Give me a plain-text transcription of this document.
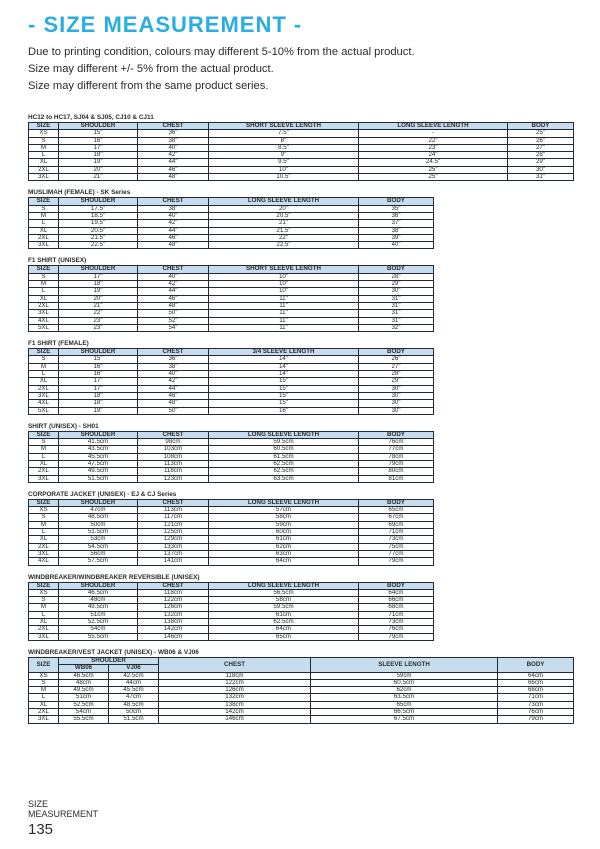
- SIZE MEASUREMENT -
Due to printing condition, colours may different 5-10% from the actual product.
Size may different +/- 5% from the actual product.
Size may different from the same product series.
HC12 to HC17, SJ04 & SJ05, CJ10 & CJ11
SIZE	SHOULDER	CHEST	SHORT SLEEVE LENGTH	LONG SLEEVE LENGTH	BODY
XS	15"	36"	7.5"	-	25"
S	16"	38"	8"	22"	26"
M	17"	40"	8.5"	23"	27"
L	18"	42"	9"	24"	28"
XL	19"	44"	9.5"	24.5"	29"
2XL	20"	46"	10"	25"	30"
3XL	21"	48"	10.5"	25"	31"
MUSLIMAH (FEMALE) - SK Series
SIZE	SHOULDER	CHEST	LONG SLEEVE LENGTH	BODY
S	17.5"	38"	20"	35"
M	18.5"	40"	20.5"	36"
L	19.5"	42"	21"	37"
XL	20.5"	44"	21.5"	38"
2XL	21.5"	46"	22"	39"
3XL	22.5"	48"	22.5"	40"
F1 SHIRT (UNISEX)
SIZE	SHOULDER	CHEST	SHORT SLEEVE LENGTH	BODY
S	17"	40"	10"	28"
M	18"	42"	10"	29"
L	19"	44"	10"	30"
XL	20"	46"	11"	31"
2XL	21"	48"	11"	31"
3XL	22"	50"	11"	31"
4XL	23"	52"	11"	31"
5XL	23"	54"	11"	32"
F1 SHIRT (FEMALE)
SIZE	SHOULDER	CHEST	3/4 SLEEVE LENGTH	BODY
S	15"	36"	14"	26"
M	16"	38"	14"	27"
L	16"	40"	14"	28"
XL	17"	42"	15"	29"
2XL	17"	44"	15"	30"
3XL	18"	46"	15"	30"
4XL	18"	48"	15"	30"
5XL	19"	50"	16"	30"
SHIRT (UNISEX) - SH01
SIZE	SHOULDER	CHEST	LONG SLEEVE LENGTH	BODY
S	41.5cm	98cm	59.5cm	76cm
M	43.5cm	103cm	60.5cm	77cm
L	45.5cm	108cm	61.5cm	78cm
XL	47.5cm	113cm	62.5cm	79cm
2XL	49.5cm	118cm	62.5cm	80cm
3XL	51.5cm	123cm	63.5cm	81cm
CORPORATE JACKET (UNISEX) - EJ & CJ Series
SIZE	SHOULDER	CHEST	LONG SLEEVE LENGTH	BODY
XS	47cm	113cm	57cm	65cm
S	48.5cm	117cm	58cm	67cm
M	50cm	121cm	59cm	69cm
L	51.5cm	125cm	60cm	71cm
XL	53cm	129cm	61cm	73cm
2XL	54.5cm	133cm	62cm	75cm
3XL	56cm	137cm	63cm	77cm
4XL	57.5cm	141cm	64cm	79cm
WINDBREAKER/WINDBREAKER REVERSIBLE (UNISEX)
SIZE	SHOULDER	CHEST	LONG SLEEVE LENGTH	BODY
XS	46.5cm	118cm	56.5cm	64cm
S	48cm	122cm	58cm	66cm
M	49.5cm	126cm	59.5cm	68cm
L	51cm	132cm	61cm	71cm
XL	52.5cm	138cm	62.5cm	73cm
2XL	54cm	142cm	64cm	76cm
3XL	55.5cm	146cm	65cm	79cm
WINDBREAKER/VEST JACKET (UNISEX) - WB06 & VJ06
SIZE	SHOULDER		CHEST	SLEEVE LENGTH	BODY
	WB06	VJ06			
XS	46.5cm	42.5cm	118cm	59cm	64cm
S	48cm	44cm	122cm	60.5cm	66cm
M	49.5cm	45.5cm	126cm	62cm	68cm
L	51cm	47cm	132cm	63.5cm	71cm
XL	52.5cm	48.5cm	138cm	65cm	73cm
2XL	54cm	50cm	142cm	66.5cm	76cm
3XL	55.5cm	51.5cm	146cm	67.5cm	79cm
SIZE
MEASUREMENT
135
